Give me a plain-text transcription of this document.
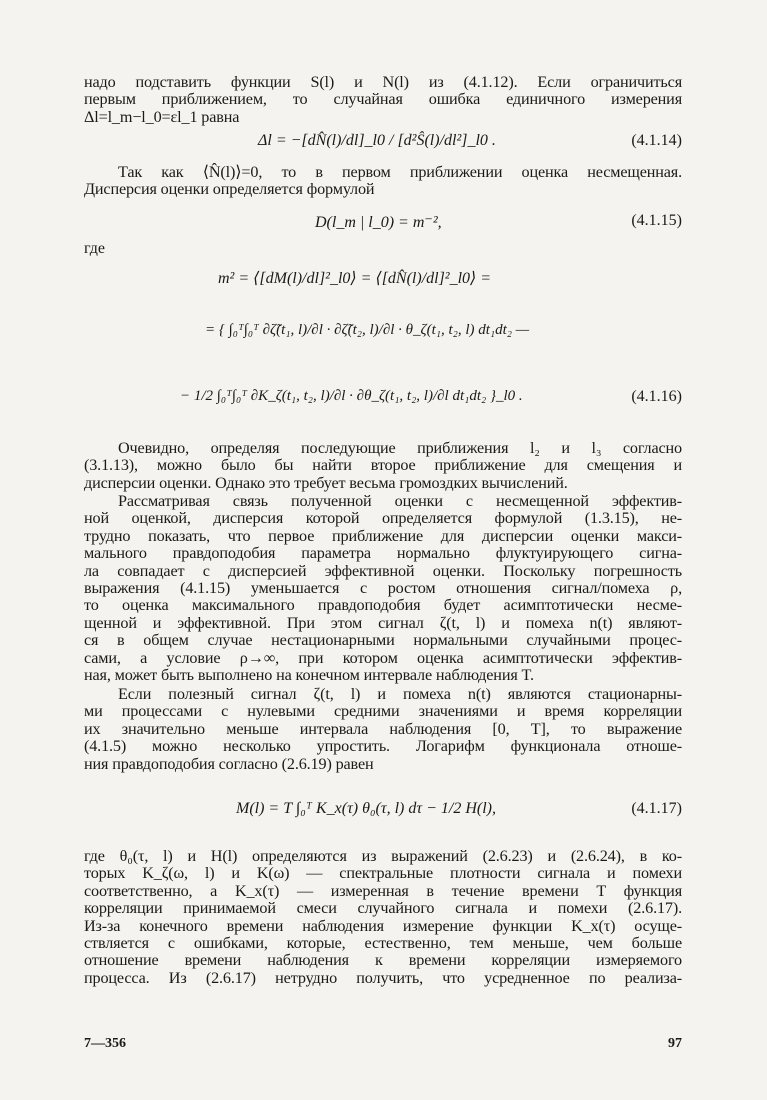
надо подставить функции S(l) и N(l) из (4.1.12). Если ограничиться
первым приближением, то случайная ошибка единичного измерения
Δl=l_m−l_0=εl_1 равна

Δl = −[dN̂(l)/dl]_l0 / [d²Ŝ(l)/dl²]_l0 .	(4.1.14)

Так как ⟨N̂(l)⟩=0, то в первом приближении оценка несмещенная.
Дисперсия оценки определяется формулой

D(l_m | l_0) = m⁻²,	(4.1.15)
где
m² = ⟨[dM(l)/dl]²_l0⟩ = ⟨[dN̂(l)/dl]²_l0⟩ =
= { ∫₀ᵀ∫₀ᵀ ∂ζ̃(t₁, l)/∂l · ∂ζ̃(t₂, l)/∂l · θ_ζ(t₁, t₂, l) dt₁dt₂ —
− 1/2 ∫₀ᵀ∫₀ᵀ ∂K_ζ(t₁, t₂, l)/∂l · ∂θ_ζ(t₁, t₂, l)/∂l dt₁dt₂ }_l0 .	(4.1.16)

Очевидно, определяя последующие приближения l₂ и l₃ согласно
(3.1.13), можно было бы найти второе приближение для смещения и
дисперсии оценки. Однако это требует весьма громоздких вычислений.

Рассматривая связь полученной оценки с несмещенной эффектив-
ной оценкой, дисперсия которой определяется формулой (1.3.15), не-
трудно показать, что первое приближение для дисперсии оценки макси-
мального правдоподобия параметра нормально флуктуирующего сигна-
ла совпадает с дисперсией эффективной оценки. Поскольку погрешность
выражения (4.1.15) уменьшается с ростом отношения сигнал/помеха ρ,
то оценка максимального правдоподобия будет асимптотически несме-
щенной и эффективной. При этом сигнал ζ(t, l) и помеха n(t) являют-
ся в общем случае нестационарными нормальными случайными процес-
сами, а условие ρ→∞, при котором оценка асимптотически эффектив-
ная, может быть выполнено на конечном интервале наблюдения T.

Если полезный сигнал ζ(t, l) и помеха n(t) являются стационарны-
ми процессами с нулевыми средними значениями и время корреляции
их значительно меньше интервала наблюдения [0, T], то выражение
(4.1.5) можно несколько упростить. Логарифм функционала отноше-
ния правдоподобия согласно (2.6.19) равен

M(l) = T ∫₀ᵀ K_x(τ) θ₀(τ, l) dτ − 1/2 H(l),	(4.1.17)

где θ₀(τ, l) и H(l) определяются из выражений (2.6.23) и (2.6.24), в ко-
торых K_ζ(ω, l) и K(ω) — спектральные плотности сигнала и помехи
соответственно, а K_x(τ) — измеренная в течение времени T функция
корреляции принимаемой смеси случайного сигнала и помехи (2.6.17).
Из-за конечного времени наблюдения измерение функции K_x(τ) осуще-
ствляется с ошибками, которые, естественно, тем меньше, чем больше
отношение времени наблюдения к времени корреляции измеряемого
процесса. Из (2.6.17) нетрудно получить, что усредненное по реализа-

7—356	97
